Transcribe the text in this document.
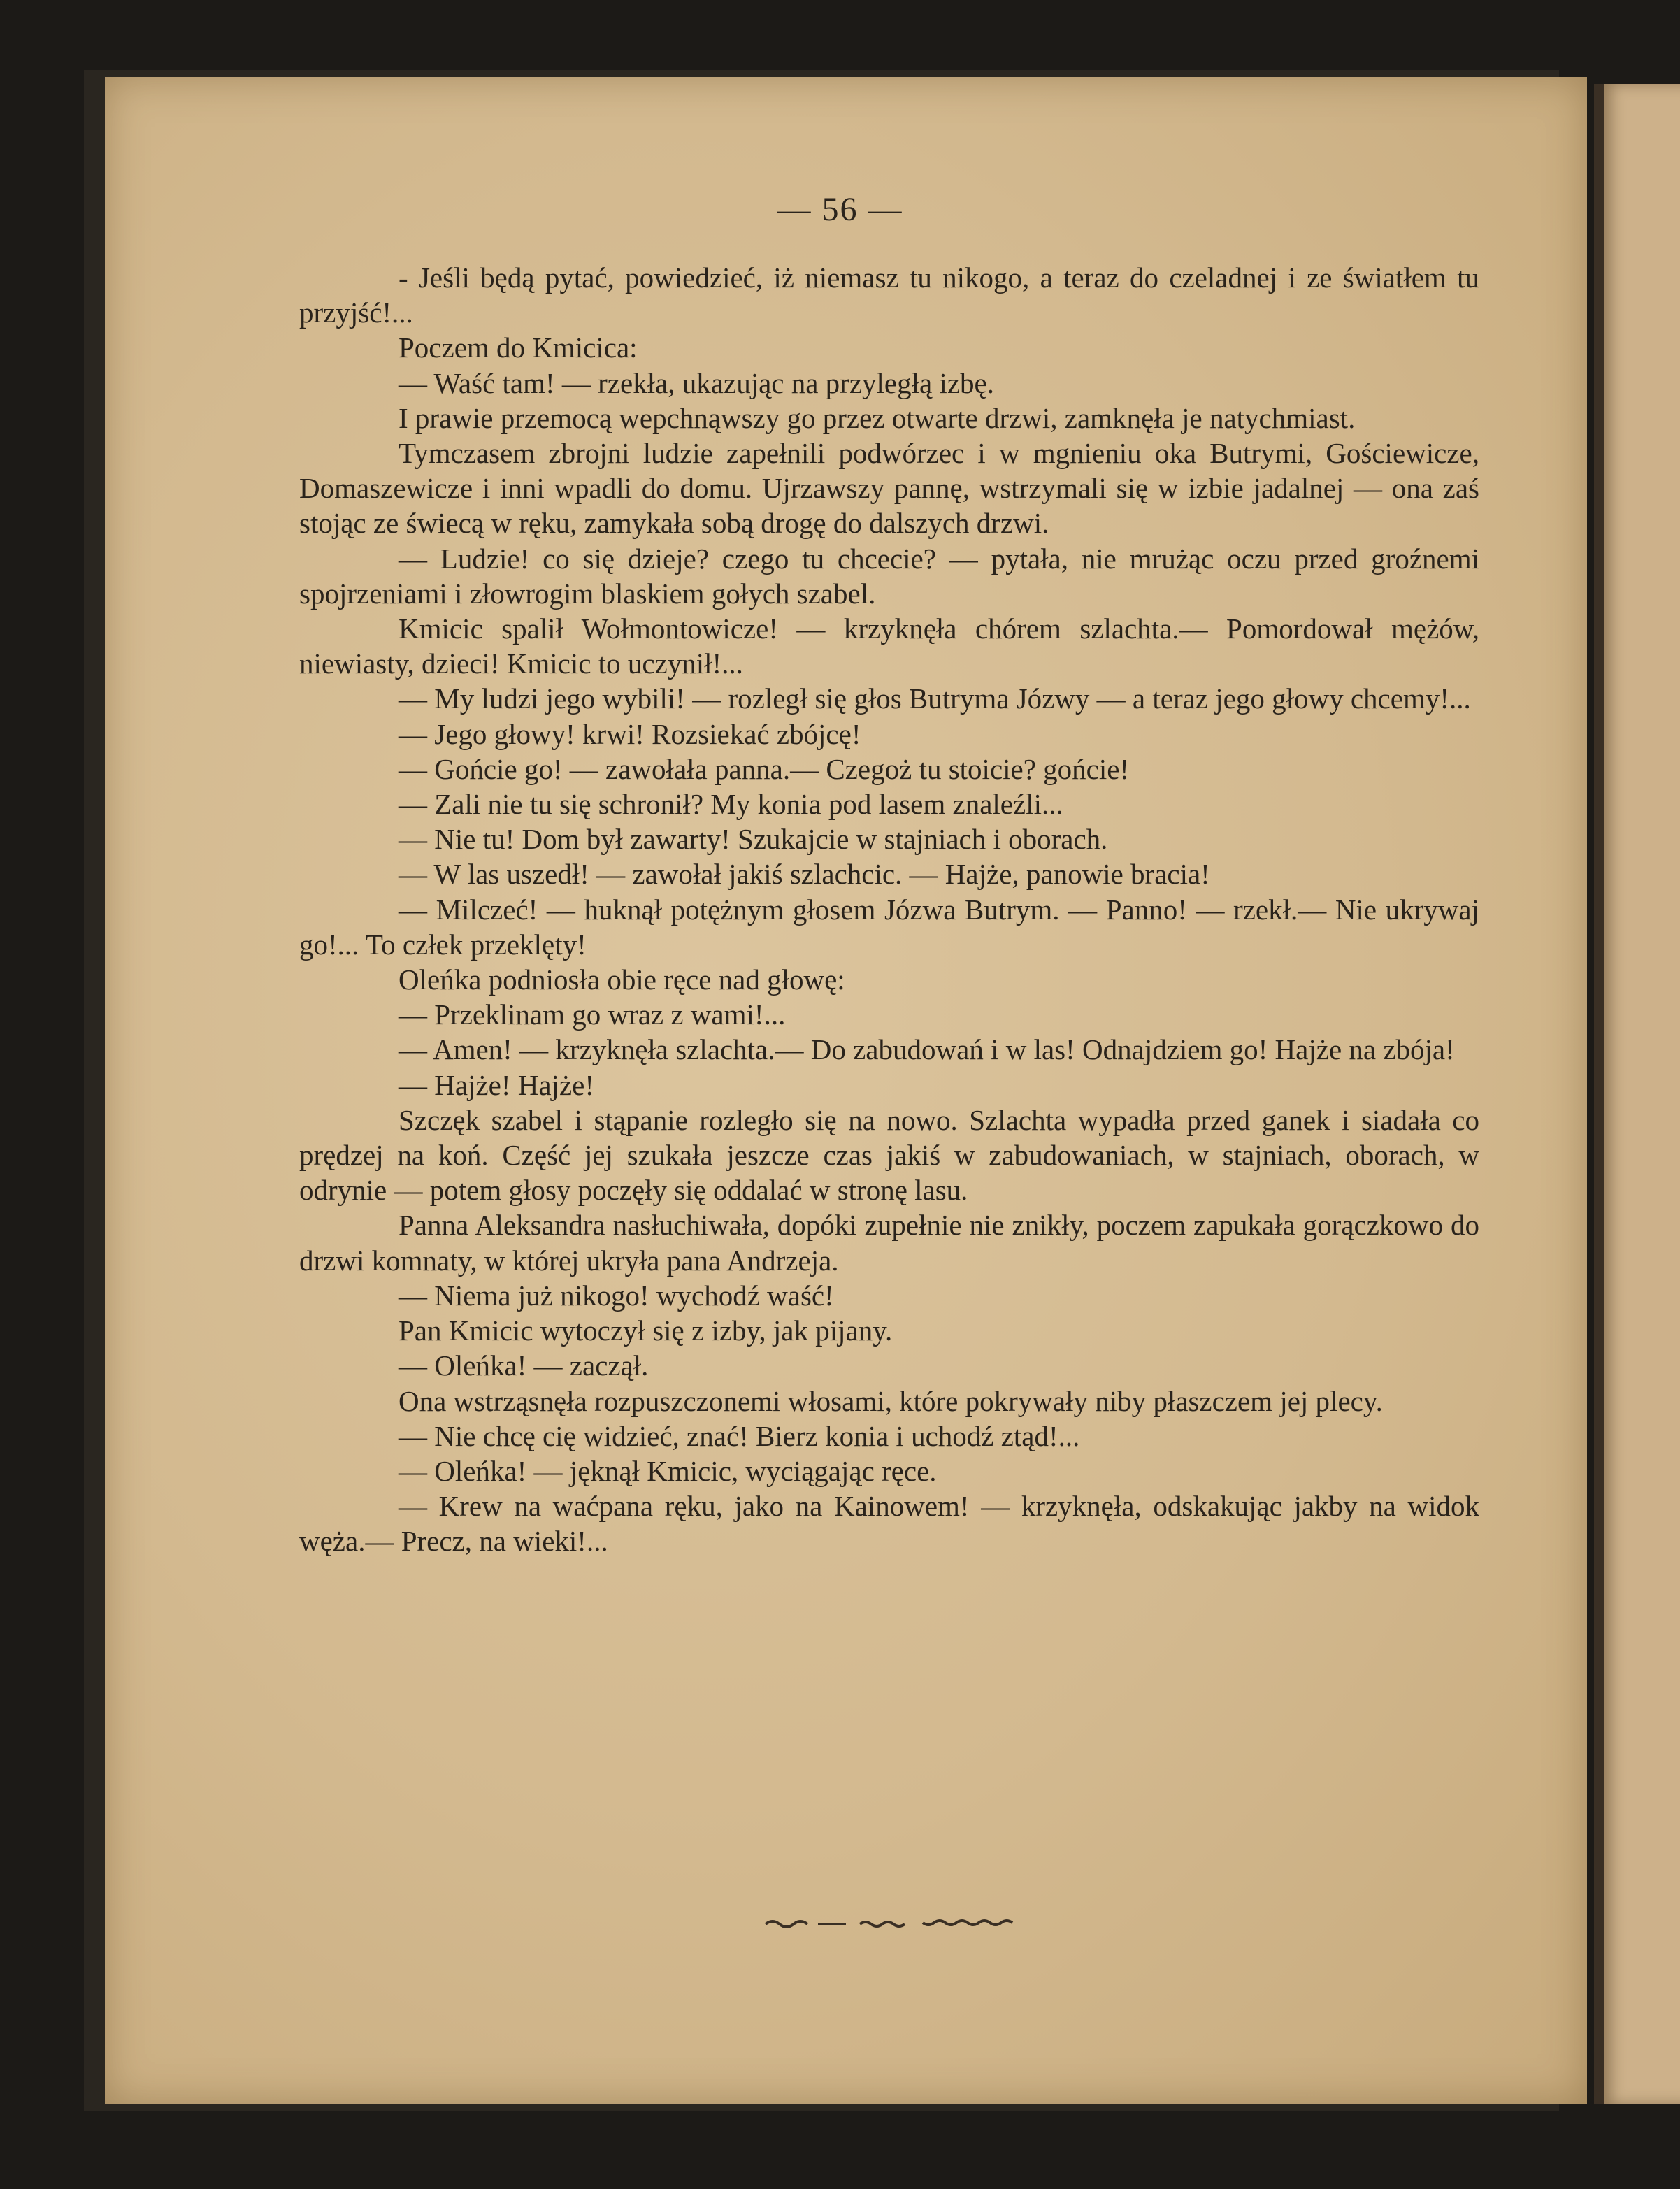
— 56 —

- Jeśli będą pytać, powiedzieć, iż niemasz tu nikogo, a teraz do czeladnej i ze światłem tu przyjść!...

Poczem do Kmicica:

— Waść tam! — rzekła, ukazując na przyległą izbę.

I prawie przemocą wepchnąwszy go przez otwarte drzwi, zamknęła je natychmiast.

Tymczasem zbrojni ludzie zapełnili podwórzec i w mgnieniu oka Butrymi, Gościewicze, Domaszewicze i inni wpadli do domu. Ujrzawszy pannę, wstrzymali się w izbie jadalnej — ona zaś stojąc ze świecą w ręku, zamykała sobą drogę do dalszych drzwi.

— Ludzie! co się dzieje? czego tu chcecie? — pytała, nie mrużąc oczu przed groźnemi spojrzeniami i złowrogim blaskiem gołych szabel.

Kmicic spalił Wołmontowicze! — krzyknęła chórem szlachta.— Pomordował mężów, niewiasty, dzieci! Kmicic to uczynił!...

— My ludzi jego wybili! — rozległ się głos Butryma Józwy — a teraz jego głowy chcemy!...

— Jego głowy! krwi! Rozsiekać zbójcę!

— Gońcie go! — zawołała panna.— Czegoż tu stoicie? gońcie!

— Zali nie tu się schronił? My konia pod lasem znaleźli...

— Nie tu! Dom był zawarty! Szukajcie w stajniach i oborach.

— W las uszedł! — zawołał jakiś szlachcic. — Hajże, panowie bracia!

— Milczeć! — huknął potężnym głosem Józwa Butrym. — Panno! — rzekł.— Nie ukrywaj go!... To człek przeklęty!

Oleńka podniosła obie ręce nad głowę:

— Przeklinam go wraz z wami!...

— Amen! — krzyknęła szlachta.— Do zabudowań i w las! Odnajdziem go! Hajże na zbója!

— Hajże! Hajże!

Szczęk szabel i stąpanie rozległo się na nowo. Szlachta wypadła przed ganek i siadała co prędzej na koń. Część jej szukała jeszcze czas jakiś w zabudowaniach, w stajniach, oborach, w odrynie — potem głosy poczęły się oddalać w stronę lasu.

Panna Aleksandra nasłuchiwała, dopóki zupełnie nie znikły, poczem zapukała gorączkowo do drzwi komnaty, w której ukryła pana Andrzeja.

— Niema już nikogo! wychodź waść!

Pan Kmicic wytoczył się z izby, jak pijany.

— Oleńka! — zaczął.

Ona wstrząsnęła rozpuszczonemi włosami, które pokrywały niby płaszczem jej plecy.

— Nie chcę cię widzieć, znać! Bierz konia i uchodź ztąd!...

— Oleńka! — jęknął Kmicic, wyciągając ręce.

— Krew na waćpana ręku, jako na Kainowem! — krzyknęła, odskakując jakby na widok węża.— Precz, na wieki!...
